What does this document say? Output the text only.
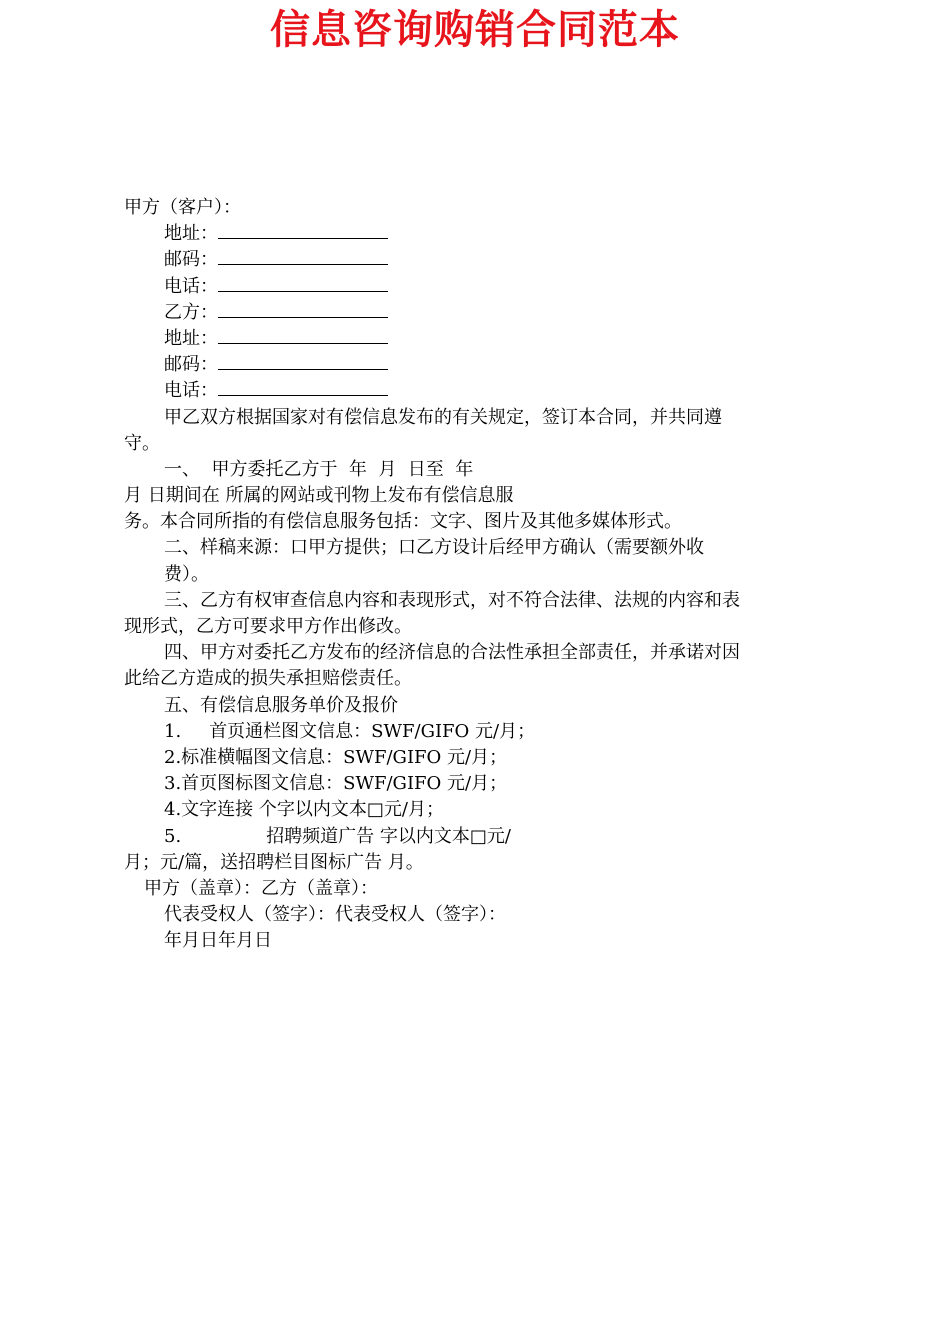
信息咨询购销合同范本
甲方（客户）：
地址：
邮码：
电话：
乙方：
地址：
邮码：
电话：
甲乙双方根据国家对有偿信息发布的有关规定，签订本合同，并共同遵
守。
一、  甲方委托乙方于  年  月  日至  年
月 日期间在 所属的网站或刊物上发布有偿信息服
务。本合同所指的有偿信息服务包括：文字、图片及其他多媒体形式。
二、样稿来源：口甲方提供；口乙方设计后经甲方确认（需要额外收
费）。
三、乙方有权审查信息内容和表现形式，对不符合法律、法规的内容和表
现形式，乙方可要求甲方作出修改。
四、甲方对委托乙方发布的经济信息的合法性承担全部责任，并承诺对因
此给乙方造成的损失承担赔偿责任。
五、有偿信息服务单价及报价
1. 首页通栏图文信息：SWF/GIFO 元/月；
2.标准横幅图文信息：SWF/GIFO 元/月；
3.首页图标图文信息：SWF/GIFO 元/月；
4.文字连接 个字以内文本□元/月；
5.	招聘频道广告 字以内文本□元/
月；元/篇，送招聘栏目图标广告 月。
甲方（盖章）：乙方（盖章）：
代表受权人（签字）：代表受权人（签字）：
年月日年月日
